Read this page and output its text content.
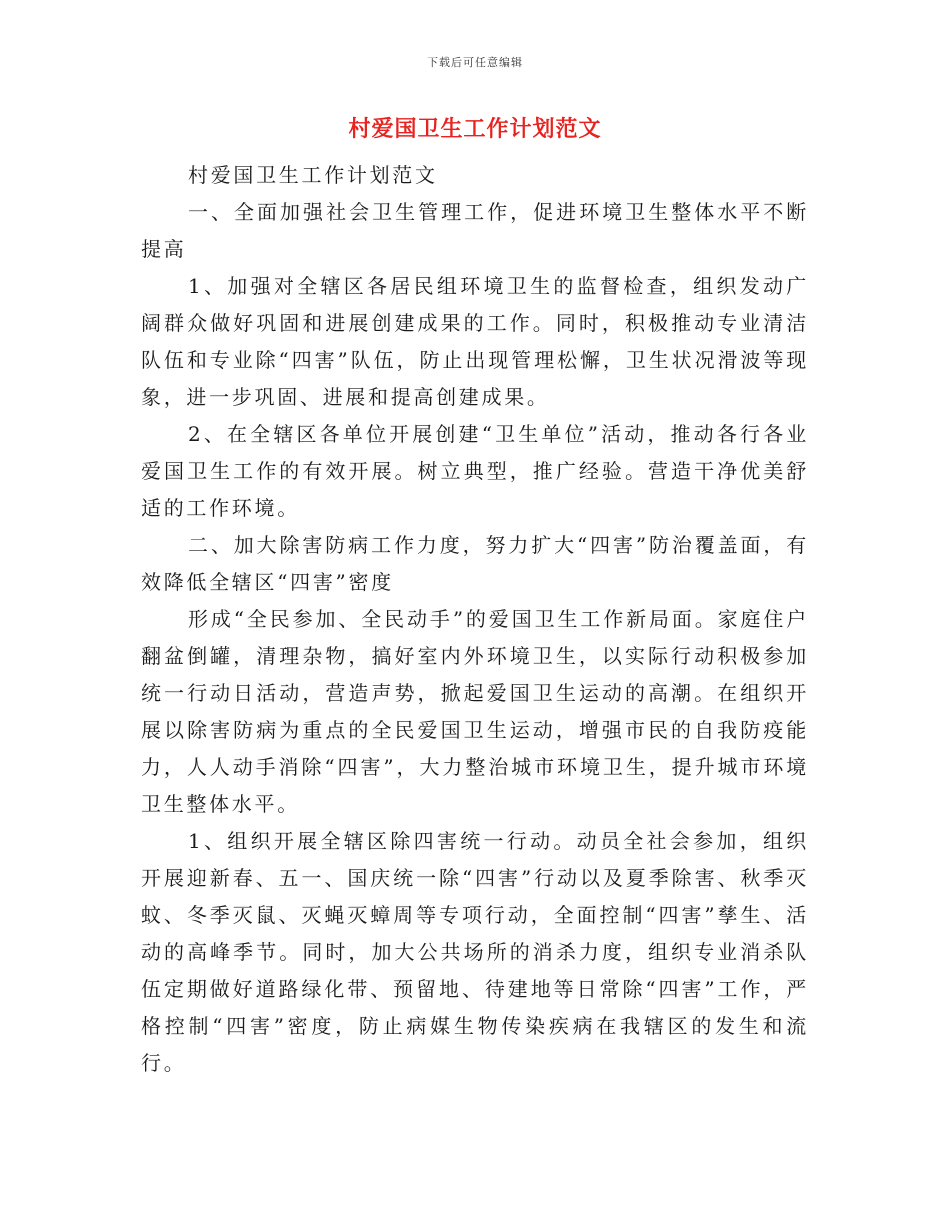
下载后可任意编辑
村爱国卫生工作计划范文

村爱国卫生工作计划范文

一、全面加强社会卫生管理工作，促进环境卫生整体水平不断提高

1、加强对全辖区各居民组环境卫生的监督检查，组织发动广阔群众做好巩固和进展创建成果的工作。同时，积极推动专业清洁队伍和专业除“四害”队伍，防止出现管理松懈，卫生状况滑波等现象，进一步巩固、进展和提高创建成果。

2、在全辖区各单位开展创建“卫生单位”活动，推动各行各业爱国卫生工作的有效开展。树立典型，推广经验。营造干净优美舒适的工作环境。

二、加大除害防病工作力度，努力扩大“四害”防治覆盖面，有效降低全辖区“四害”密度

形成“全民参加、全民动手”的爱国卫生工作新局面。家庭住户翻盆倒罐，清理杂物，搞好室内外环境卫生，以实际行动积极参加统一行动日活动，营造声势，掀起爱国卫生运动的高潮。在组织开展以除害防病为重点的全民爱国卫生运动，增强市民的自我防疫能力，人人动手消除“四害”，大力整治城市环境卫生，提升城市环境卫生整体水平。

1、组织开展全辖区除四害统一行动。动员全社会参加，组织开展迎新春、五一、国庆统一除“四害”行动以及夏季除害、秋季灭蚊、冬季灭鼠、灭蝇灭蟑周等专项行动，全面控制“四害”孳生、活动的高峰季节。同时，加大公共场所的消杀力度，组织专业消杀队伍定期做好道路绿化带、预留地、待建地等日常除“四害”工作，严格控制“四害”密度，防止病媒生物传染疾病在我辖区的发生和流行。
